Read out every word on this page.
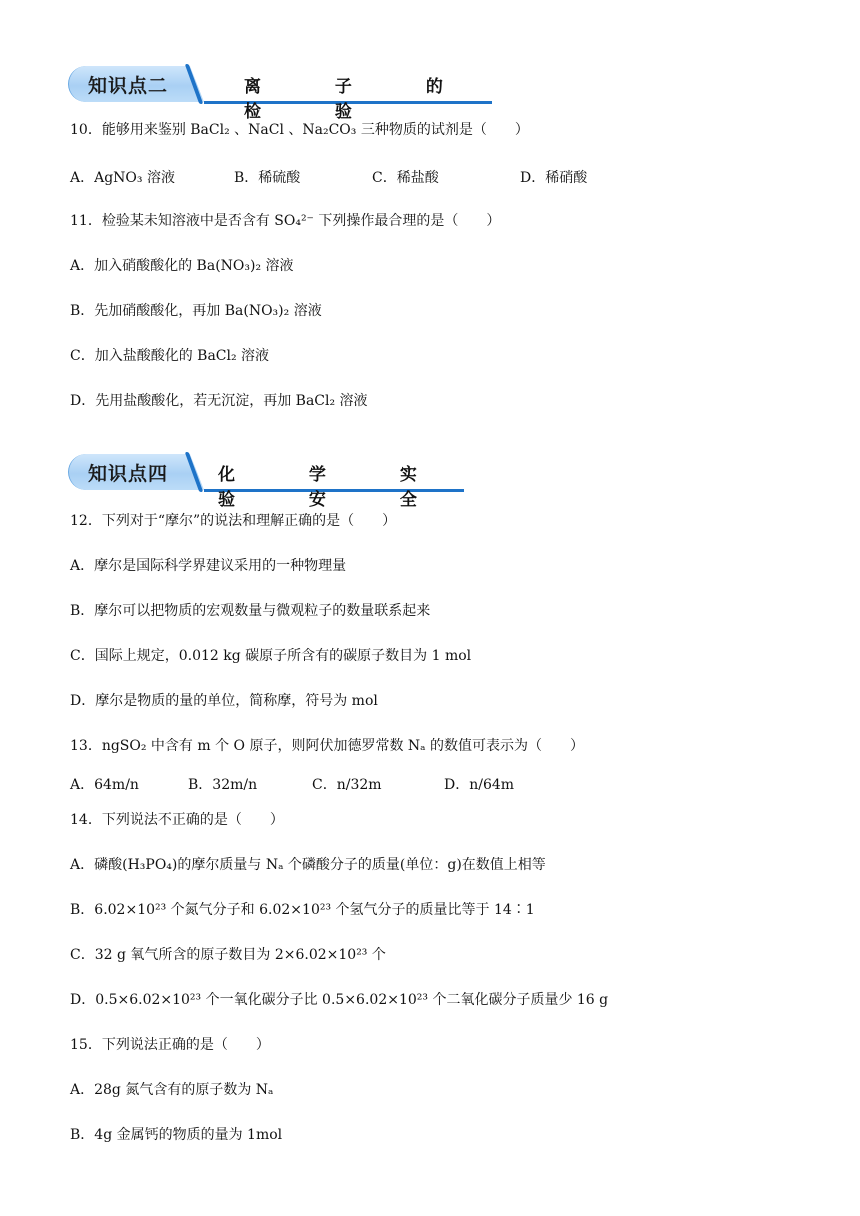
知识点二	离 子 的 检 验
10．能够用来鉴别 BaCl₂ 、NaCl 、Na₂CO₃ 三种物质的试剂是（　　）
A．AgNO₃ 溶液	B．稀硫酸	C．稀盐酸	D．稀硝酸
11．检验某未知溶液中是否含有 SO₄²⁻ 下列操作最合理的是（　　）
A．加入硝酸酸化的 Ba(NO₃)₂ 溶液
B．先加硝酸酸化，再加 Ba(NO₃)₂ 溶液
C．加入盐酸酸化的 BaCl₂ 溶液
D．先用盐酸酸化，若无沉淀，再加 BaCl₂ 溶液
知识点四	化 学 实 验 安 全
12．下列对于“摩尔”的说法和理解正确的是（　　）
A．摩尔是国际科学界建议采用的一种物理量
B．摩尔可以把物质的宏观数量与微观粒子的数量联系起来
C．国际上规定，0.012 kg 碳原子所含有的碳原子数目为 1 mol
D．摩尔是物质的量的单位，简称摩，符号为 mol
13．ngSO₂ 中含有 m 个 O 原子，则阿伏加德罗常数 Nₐ 的数值可表示为（　　）
A．64m/n	B．32m/n	C．n/32m	D．n/64m
14．下列说法不正确的是（　　）
A．磷酸(H₃PO₄)的摩尔质量与 Nₐ 个磷酸分子的质量(单位：g)在数值上相等
B．6.02×10²³ 个氮气分子和 6.02×10²³ 个氢气分子的质量比等于 14∶1
C．32 g 氧气所含的原子数目为 2×6.02×10²³ 个
D．0.5×6.02×10²³ 个一氧化碳分子比 0.5×6.02×10²³ 个二氧化碳分子质量少 16 g
15．下列说法正确的是（　　）
A．28g 氮气含有的原子数为 Nₐ
B．4g 金属钙的物质的量为 1mol
